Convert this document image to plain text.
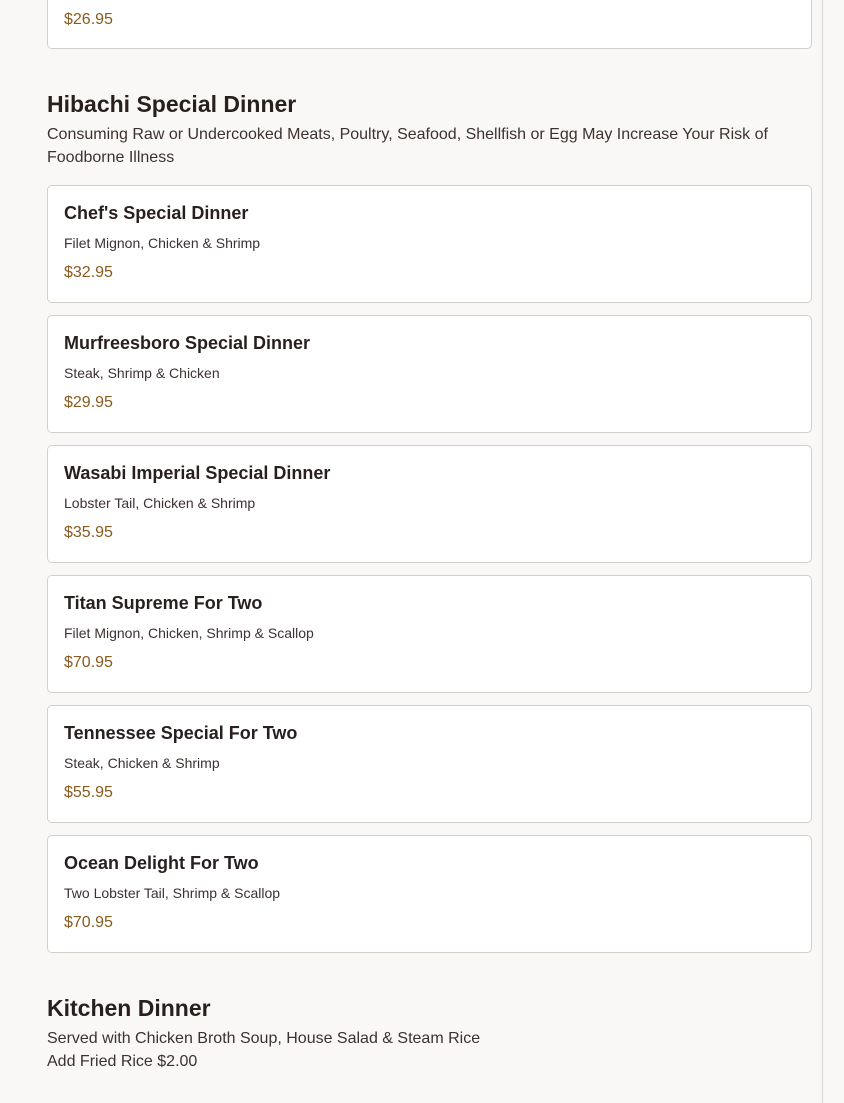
$26.95
Hibachi Special Dinner
Consuming Raw or Undercooked Meats, Poultry, Seafood, Shellfish or Egg May Increase Your Risk of Foodborne Illness
Chef's Special Dinner
Filet Mignon, Chicken & Shrimp
$32.95
Murfreesboro Special Dinner
Steak, Shrimp & Chicken
$29.95
Wasabi Imperial Special Dinner
Lobster Tail, Chicken & Shrimp
$35.95
Titan Supreme For Two
Filet Mignon, Chicken, Shrimp & Scallop
$70.95
Tennessee Special For Two
Steak, Chicken & Shrimp
$55.95
Ocean Delight For Two
Two Lobster Tail, Shrimp & Scallop
$70.95
Kitchen Dinner
Served with Chicken Broth Soup, House Salad & Steam Rice
Add Fried Rice $2.00
